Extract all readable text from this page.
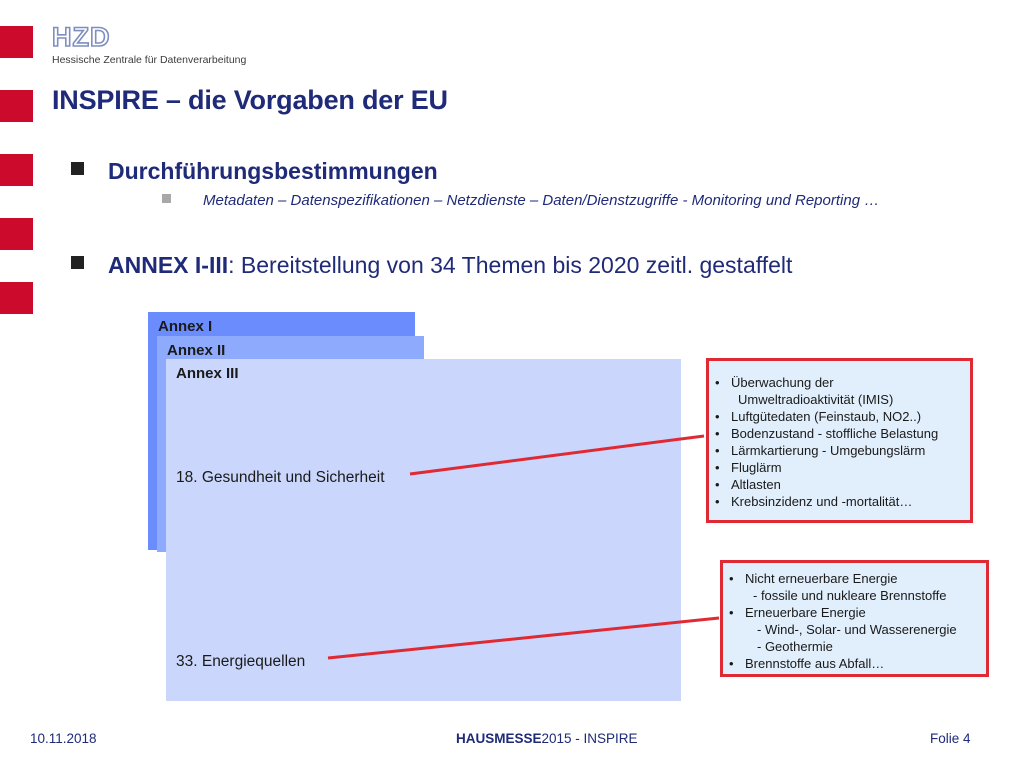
HZD
Hessische Zentrale für Datenverarbeitung
INSPIRE – die Vorgaben der EU
Durchführungsbestimmungen
Metadaten – Datenspezifikationen – Netzdienste – Daten/Dienstzugriffe - Monitoring und Reporting …
ANNEX I-III: Bereitstellung von 34 Themen bis 2020 zeitl. gestaffelt
Annex I
Annex II
Annex III
18. Gesundheit und Sicherheit
33. Energiequellen
• Überwachung der
Umweltradioaktivität (IMIS)
• Luftgütedaten (Feinstaub, NO2..)
• Bodenzustand - stoffliche Belastung
• Lärmkartierung - Umgebungslärm
• Fluglärm
• Altlasten
• Krebsinzidenz und -mortalität…
• Nicht erneuerbare Energie
- fossile und nukleare Brennstoffe
• Erneuerbare Energie
- Wind-, Solar- und Wasserenergie
- Geothermie
• Brennstoffe aus Abfall…
10.11.2018	HAUSMESSE2015 - INSPIRE	Folie 4
